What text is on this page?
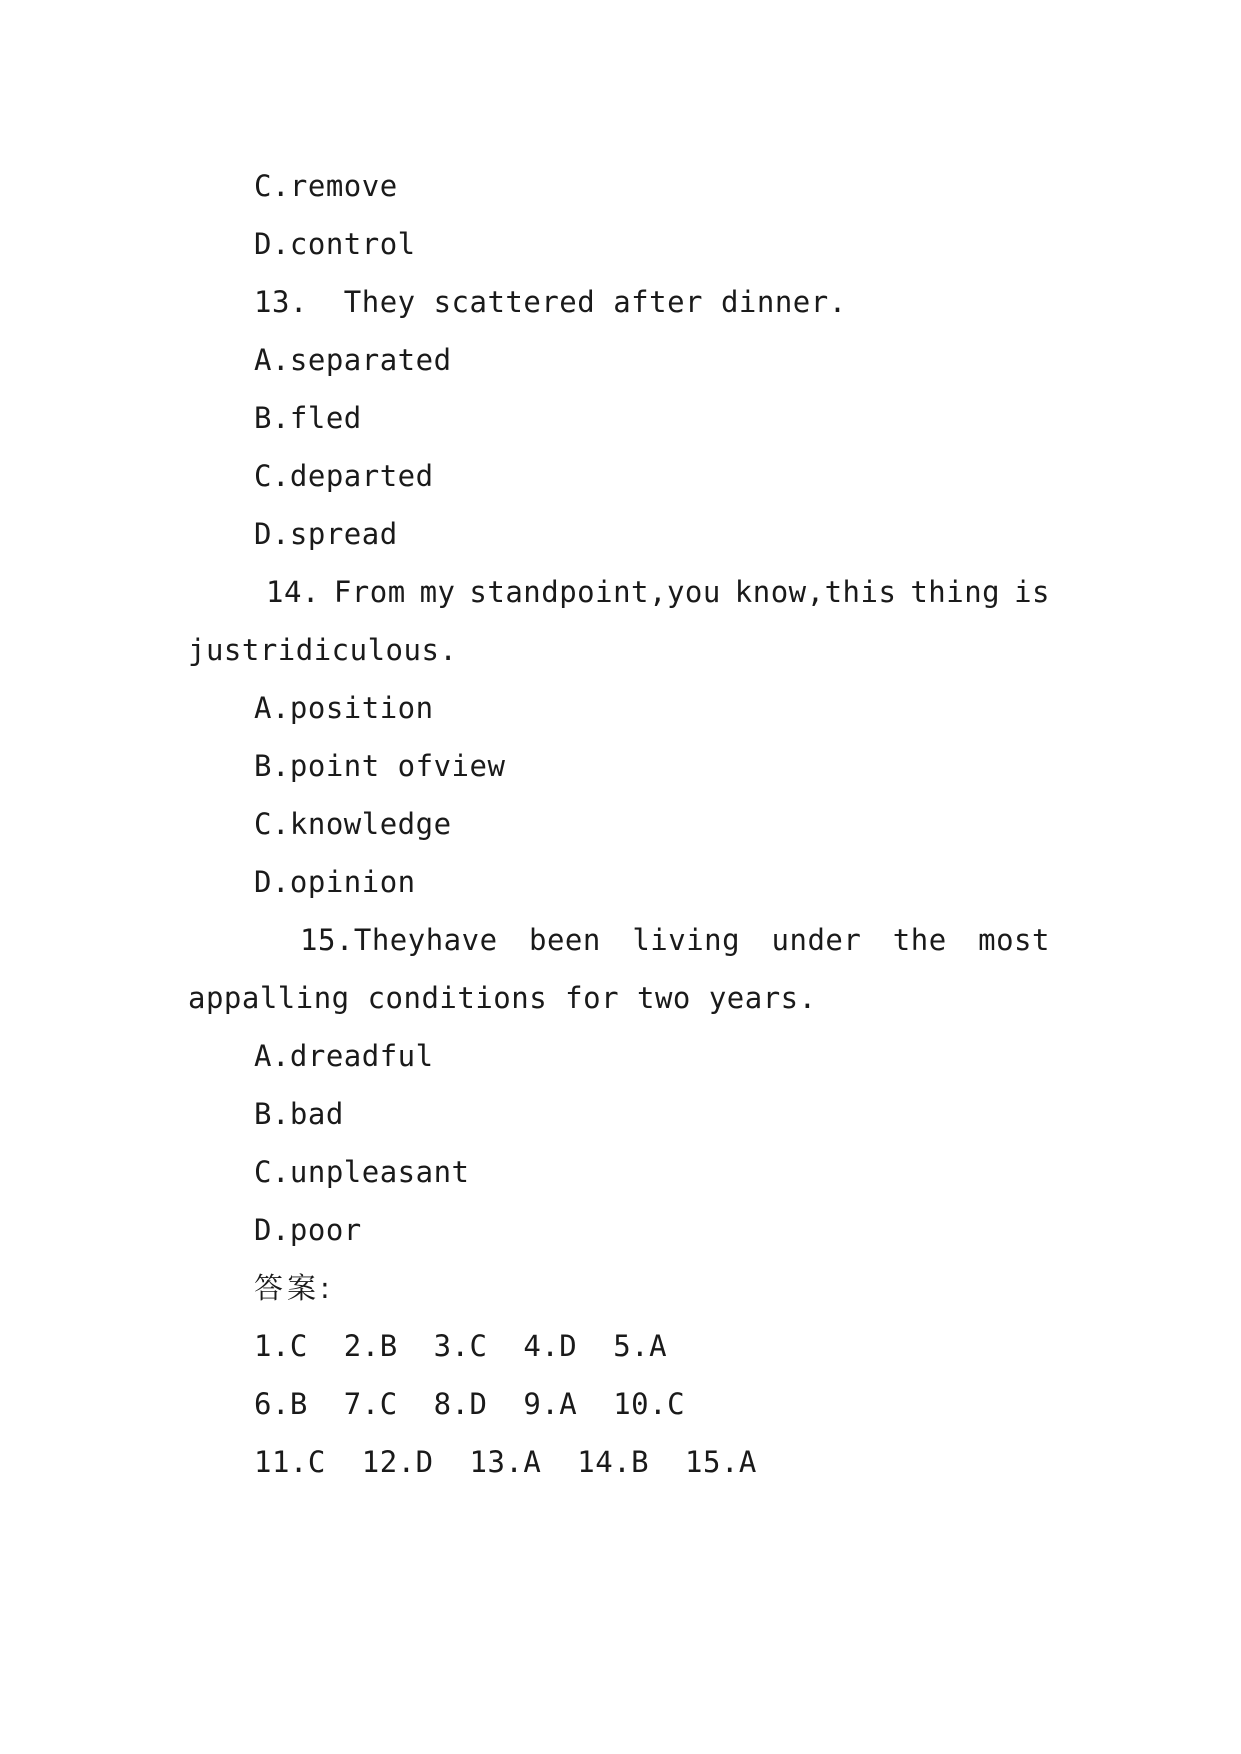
C.remove
D.control
13.  They scattered after dinner.
A.separated
B.fled
C.departed
D.spread
14. From my standpoint,you know,this thing is
justridiculous.
A.position
B.point ofview
C.knowledge
D.opinion
15.Theyhave been living under the most
appalling conditions for two years.
A.dreadful
B.bad
C.unpleasant
D.poor
答案:
1.C  2.B  3.C  4.D  5.A
6.B  7.C  8.D  9.A  10.C
11.C  12.D  13.A  14.B  15.A
